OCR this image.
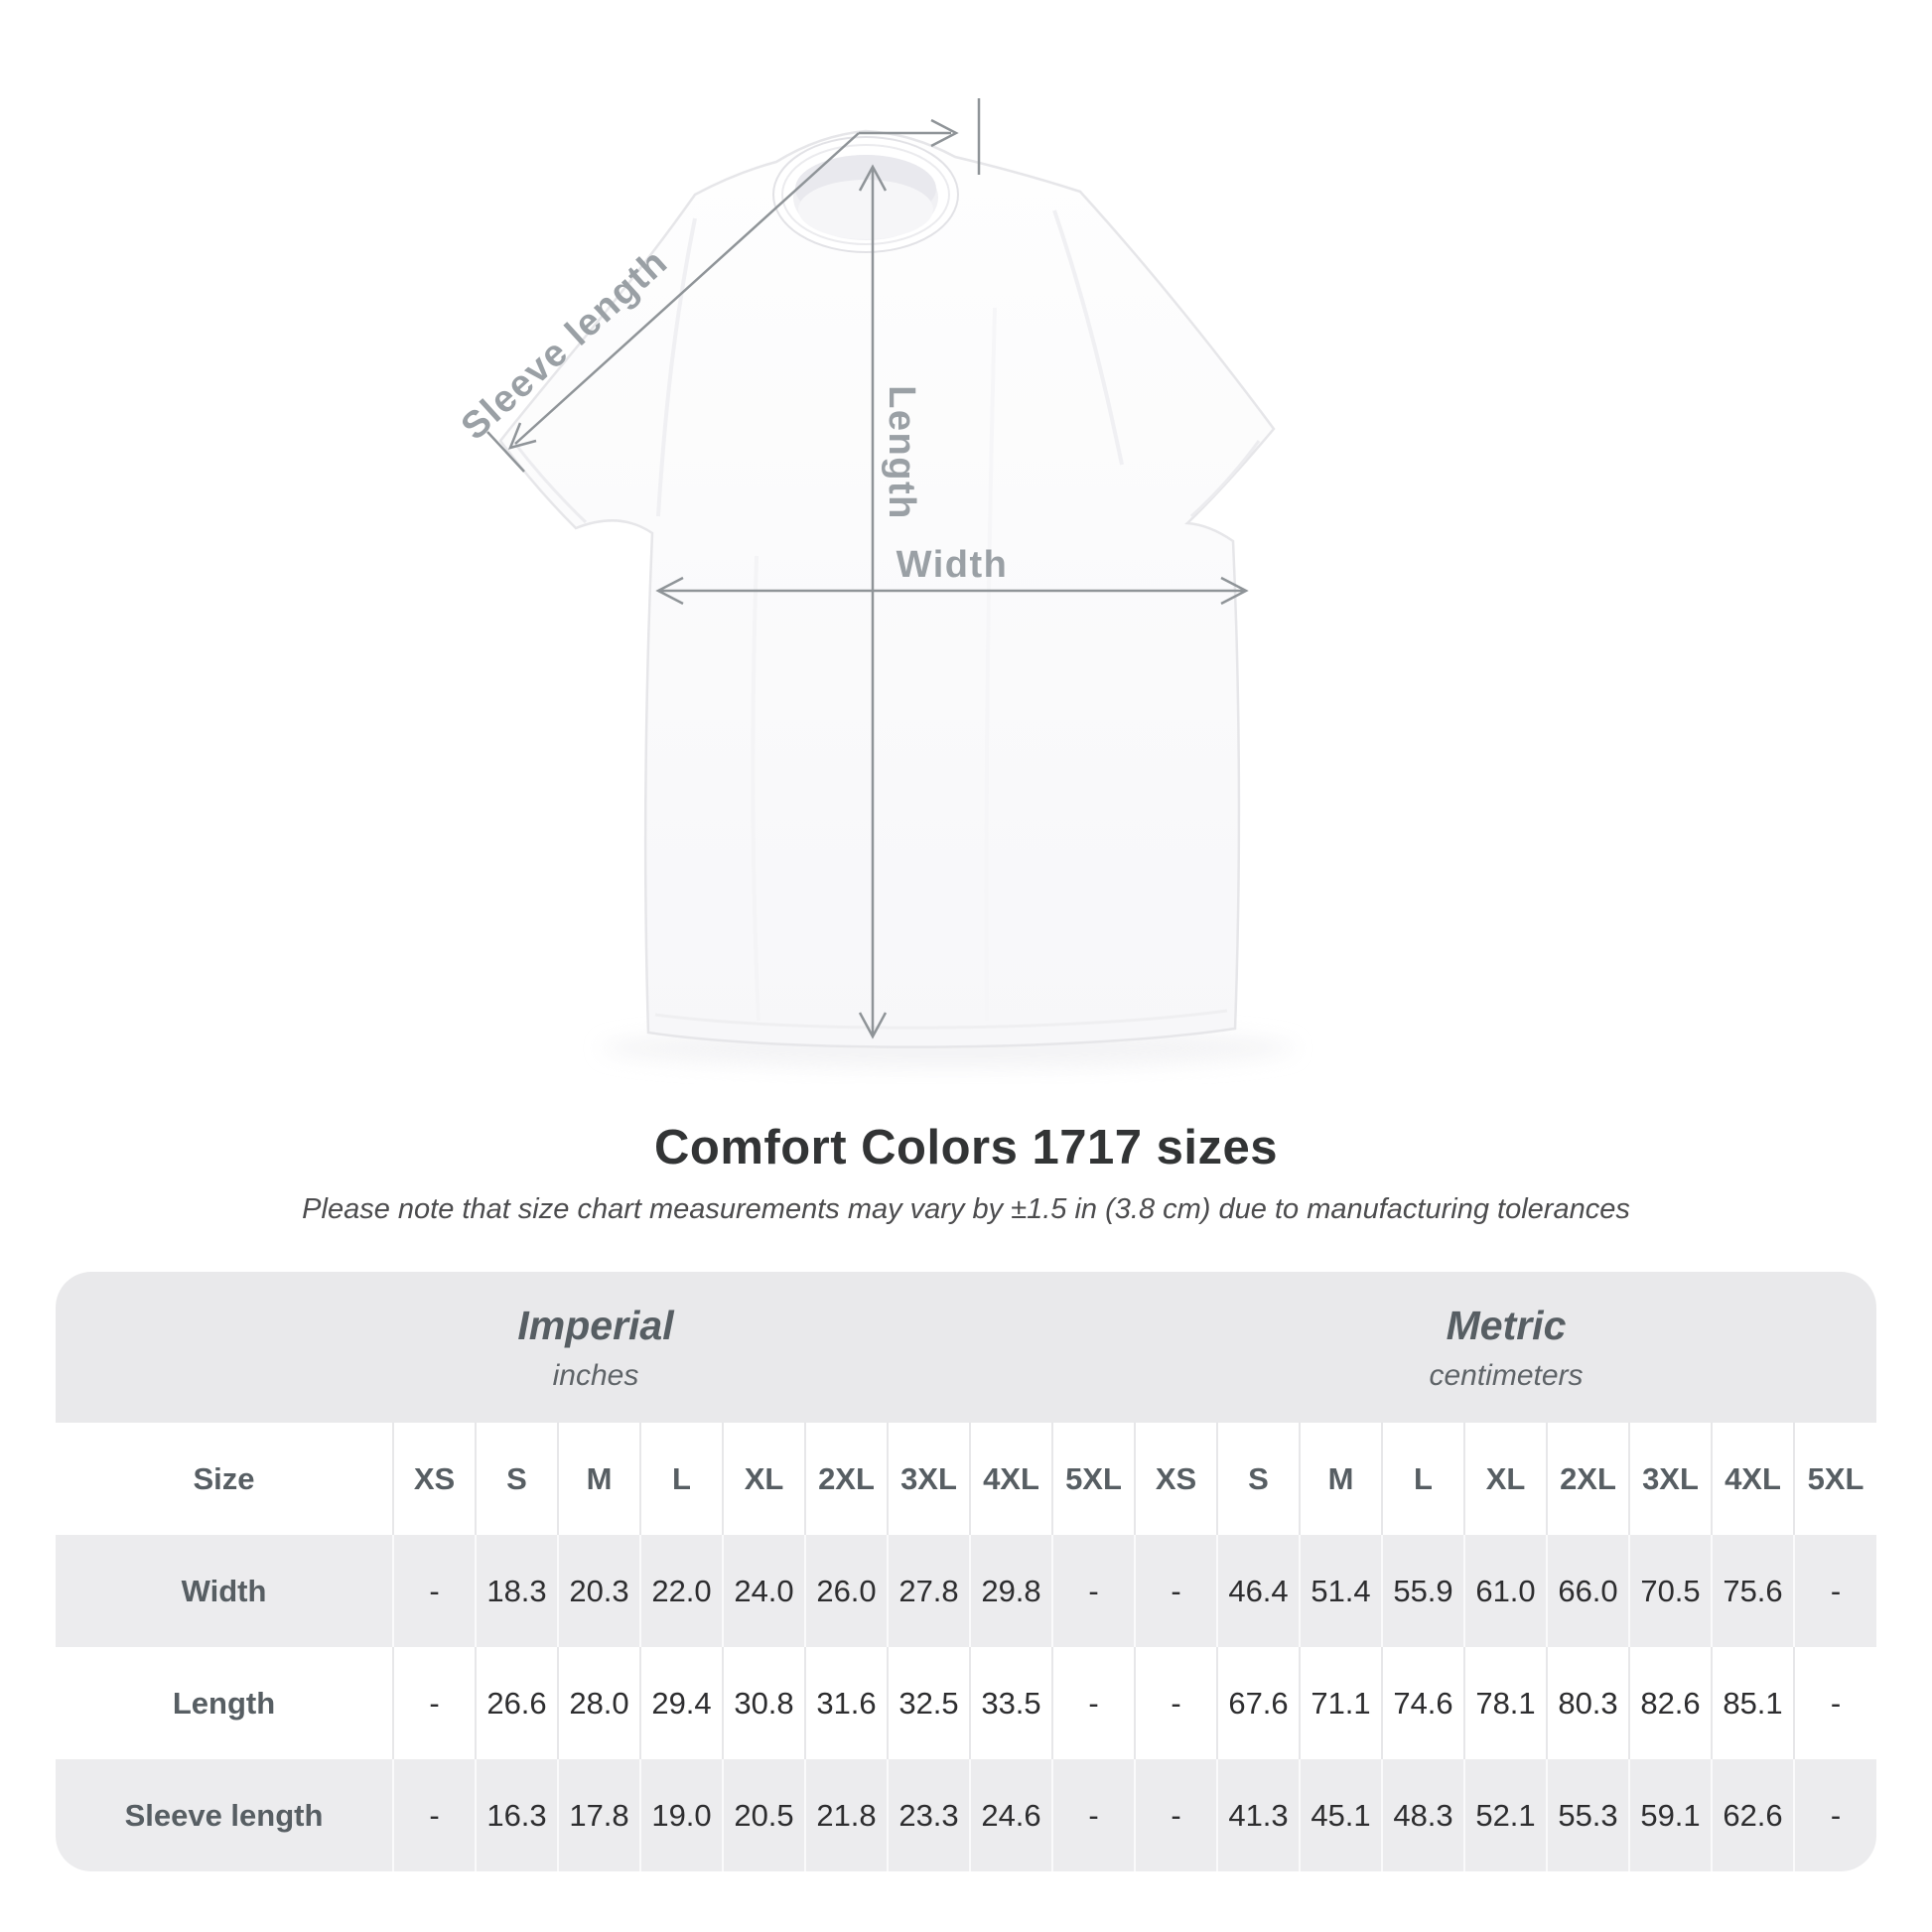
Sleeve length
Length
Width
Comfort Colors 1717 sizes
Please note that size chart measurements may vary by ±1.5 in (3.8 cm) due to manufacturing tolerances
Imperial
inches
Metric
centimeters
Size	XS	S	M	L	XL	2XL	3XL	4XL	5XL	XS	S	M	L	XL	2XL	3XL	4XL	5XL
Width	-	18.3	20.3	22.0	24.0	26.0	27.8	29.8	-	-	46.4	51.4	55.9	61.0	66.0	70.5	75.6	-
Length	-	26.6	28.0	29.4	30.8	31.6	32.5	33.5	-	-	67.6	71.1	74.6	78.1	80.3	82.6	85.1	-
Sleeve length	-	16.3	17.8	19.0	20.5	21.8	23.3	24.6	-	-	41.3	45.1	48.3	52.1	55.3	59.1	62.6	-
